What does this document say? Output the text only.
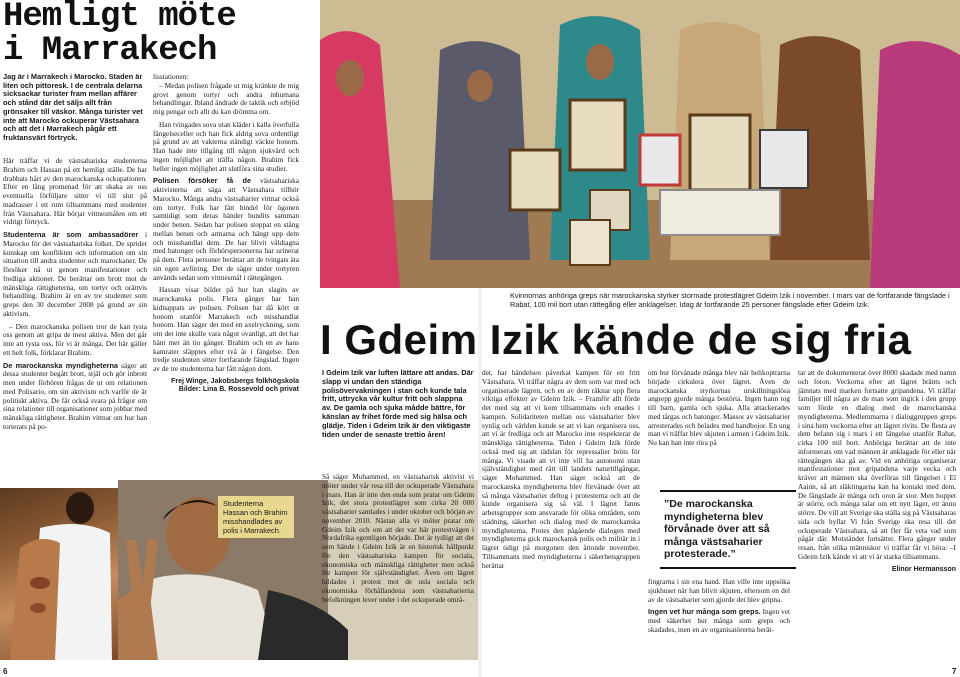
Hemligt möte
i Marrakech
Jag är i Marrakech i Marocko. Staden är liten och pittoresk. I de centrala delarna sicksackar turister fram mellan affärer och stånd där det säljs allt från grönsaker till väskor. Många turister vet inte att Marocko ockuperar Västsahara och att det i Marrakech pågår ett fruktansvärt förtryck.

Här träffar vi de västsahariska studenterna Brahim och Hassan på ett hemligt ställe. De har drabbats hårt av den marockanska ockupationen. Efter en lång promenad för att skaka av oss eventuella förföljare sitter vi till slut på madrasser i ett rum tillsammans med studenter från Västsahara. Här börjar vittnesmålen om ett vidrigt förtryck.

Studenterna är som ambassadörer i Marocko för det västsahariska folket. De sprider kunskap om konflikten och information om sin situation till andra studenter och marockaner. De försöker nå ut genom manifestationer och fredliga aktioner. De berättar om brott mot de mänskliga rättigheterna, om tortyr och orättvis behandling. Brahim är en av tre studenter som greps den 30 december 2008 på grund av sin aktivism.

– Den marockanska polisen tror de kan tysta oss genom att gripa de mest aktiva. Men det går inte att tysta oss, för vi är många. Det här gäller ett helt folk, förklarar Brahim.

De marockanska myndigheterna säger att dessa studenter begått brott, stjäl och gör inbrott men under förhören frågas de ut om relationen med Polisario, om sin aktivism och varför de är politiskt aktiva. De får också svara på frågor om sina relationer till organisationer som jobbar med mänskliga rättigheter. Brahim vittnar om hur han torterats på po-

lisstationen:

– Medan polisen frågade ut mig kränkte de mig grovt genom tortyr och andra inhumana behandlingar. Ibland ändrade de taktik och erbjöd mig pengar och allt du kan drömma om.

Han tvingades sova utan kläder i kalla överfulla fängelseceller och han fick aldrig sova ordentligt på grund av att vakterna ständigt väckte honom. Han hade inte tillgång till någon sjukvård och ingen möjlighet att träffa någon. Brahim fick heller ingen möjlighet att slutföra sina studier.

Polisen försöker få de västsahariska aktivisterna att säga att Västsahara tillhör Marocko. Många andra västsaharier vittnar också om tortyr. Folk har fått bindel för ögonen samtidigt som deras händer bundits samman under benen. Sedan har polisen stoppat en stång mellan benen och armarna och hängt upp dem och misshandlat dem. De har blivit våldtagna med batonger och förhörspersonerna har urinerat på dem. Flera personer berättar att de tvingats äta sin egen avföring. Det de säger under tortyren används sedan som vittnesmål i rättegången.

Hassan visar bilder på hur han slagits av marockanska polis. Flera gånger har han kidnappats av polisen. Polisen har då kört ut honom utanför Marrakech och misshandlat honom. Han säger det med en axelryckning, som om det inte skulle vara något ovanligt, att det har hänt mer än tio gånger. Brahim och en av hans kamrater släpptes efter två år i fängelse. Den tredje studenten sitter fortfarande fängslad. Ingen av de tre studenterna har fått någon dom.

Frej Winge, Jakobsbergs folkhögskola
Bilder: Lina B. Rossevold och privat
Studenterna Hassan och Brahim misshandlades av polis i Marrakech.
6
Kvinnornas anhöriga greps när marockanska styrker stormade protestlägret Gdeim Izik i november. I mars var de fortfarande fängslade i Rabat, 100 mil bort utan rättegång eller anklagelser. Idag är fortfarande 25 personer fängslade efter Gdeim Izik.
I Gdeim Izik kände de sig fria
I Gdeim Izik var luften lättare att andas. Där slapp vi undan den ständiga polisövervakningen i stan och kunde tala fritt, uttrycka vår kultur fritt och slappna av. De gamla och sjuka mådde bättre, för känslan av frihet förde med sig hälsa och glädje. Tiden i Gdeim Izik är den viktigaste tiden under de senaste trettio åren!
Så säger Muhammed, en västsaharisk aktivist vi möter under vår resa till det ockuperade Västsahara i mars. Han är inte den enda som pratar om Gdeim Izik, det stora protestlägret som cirka 20 000 västsaharier samlades i under oktober och början av november 2010. Nästan alla vi möter pratar om Gdeim Izik och om att det var här protestvägen i Nordafrika egentligen började. Det är tydligt att det som hände i Gdeim Izik är en historisk hållpunkt för den västsahariska kampen för sociala, ekonomiska och mänskliga rättigheter men också för kampen för självständighet. Även om lägret bildades i protest mot de usla sociala och ekonomiska förhållandena som västsaharierna befolkningen lever under i det ockuperade områ-
det, har händelsen påverkat kampen för ett fritt Västsahara. Vi träffar några av dem som var med och organiserade lägren, och en av dem räknar upp flera viktiga effekter av Gdeim Izik. – Framför allt förde det med sig att vi kom tillsammans och enades i kampen. Solidariteten mellan oss västsaharier blev synlig och världen kunde se att vi kan organisera oss, att vi är fredliga och att Marocko inte respekterar de mänskliga rättigheterna. Tiden i Gdeim Izik förde också med sig att rädslan för repressalier bröts för många. Vi visade att vi inte vill ha autonomi utan självständighet med rätt till landets naturtillgångar, säger Mohammed. Han säger också att de marockanska myndigheterna blev förvånade över att så många västsaharier deltog i protesterna och att de kunde organisera sig så väl. I lägret fanns arbetsgrupper som ansvarade för olika områden, som städning, säkerhet och dialog med de marockanska myndigheterna. Protes den pågående dialogen med myndigheterna gick marockansk polis och militär in i lägret tidigt på morgonen den åttonde november. Tillsammans med myndigheterna i säkerhetsgruppen berättar

om hur förvånade många blev när helikoptrarna började cirkulera över lägret. Även de marockanska styrkornas urskillningslösa angrepp gjorde många bestörta. Ingen hann tog till barn, gamla och sjuka. Alla attackerades med tårgas och batonger. Massor av västsaharier arresterades och belades med handbojor. En ung man vi träffar blev skjuten i armen i Gdeim Izik. Nu kan han inte röra på

”De marockanska myndigheterna blev förvånade över att så många västsaharier protesterade.”

fingrarna i sin ena hand. Han ville inte uppsöka sjukhuset när han blivit skjuten, eftersom en del av de västsaharier som gjorde det blev gripna.

Ingen vet hur många som greps. Ingen vet med säkerhet hur många som greps och skadades, men en av organisatörerna berät-

tar att de dokumenterat över 8000 skadade med namn och foton. Veckorna efter att lägret bränts och jämnats med marken fortsatte gripandena. Vi träffar familjer till några av de man som ingick i den grupp som förde en dialog med de marockanska myndigheterna. Medlemmarna i dialoggruppen greps i sina hem veckorna efter att lägret rivits. De flesta av dem befann sig i mars i ett fängelse utanför Rabat, cirka 100 mil bort. Anhöriga berättar att de inte informerats om vad männen är anklagade för eller när rättegången ska gå av. Vid en anhöriga organiserar manifestationer mot gripandena varje vecka och kräver att männen ska överföras till fängelset i El Aaiún, så att släktingarna kan ha kontakt med dem. De fångslade är många och oron är stor. Men hoppet är större, och många talar om ett nytt läger, ett ännu större. De vill att Sverige ska ställa sig på Västsaharas sida och hyllar Vi från Sverige ska resa till det ockuperade Västsahara, så att fler får veta vad som pågår där. Motståndet fortsätter. Flera gånger under resan, från olika människor vi träffar får vi höra: –I Gdeim Izik kände vi att vi är starka tillsammans.

Elinor Hermansson
7
